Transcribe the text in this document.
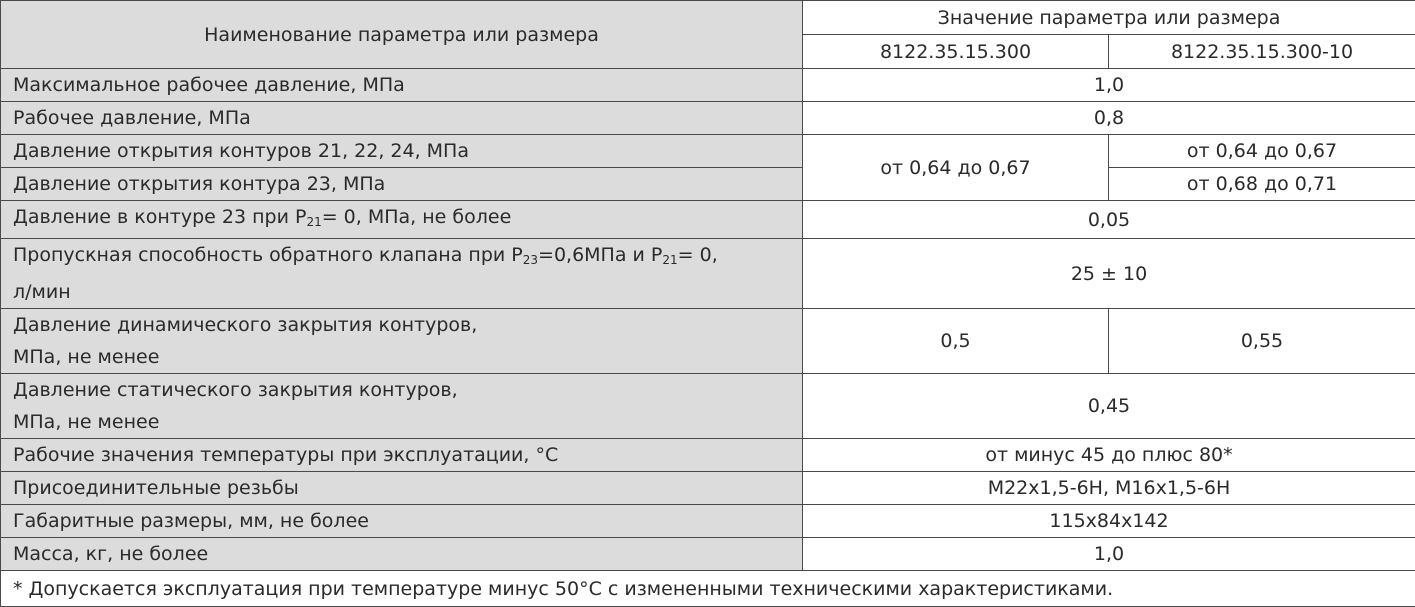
Наименование параметра или размера	Значение параметра или размера	
	8122.35.15.300	8122.35.15.300-10
Максимальное рабочее давление, МПа	1,0	
Рабочее давление, МПа	0,8	
Давление открытия контуров 21, 22, 24, МПа	от 0,64 до 0,67	от 0,64 до 0,67
Давление открытия контура 23, МПа		от 0,68 до 0,71
Давление в контуре 23 при $P_{21}= 0$, МПа, не более	0,05	
Пропускная способность обратного клапана при $P_{23}=0,6МПа$ и $P_{21}= 0$,
л/мин	25 ± 10	
Давление динамического закрытия контуров,
МПа, не менее	0,5	0,55
Давление статического закрытия контуров,
МПа, не менее	0,45	
Рабочие значения температуры при эксплуатации, °С	от минус 45 до плюс 80*	
Присоединительные резьбы	М22х1,5-6Н, М16х1,5-6Н	
Габаритные размеры, мм, не более	115х84х142	
Масса, кг, не более	1,0	
* Допускается эксплуатация при температуре минус 50°С с измененными техническими характеристиками.		
